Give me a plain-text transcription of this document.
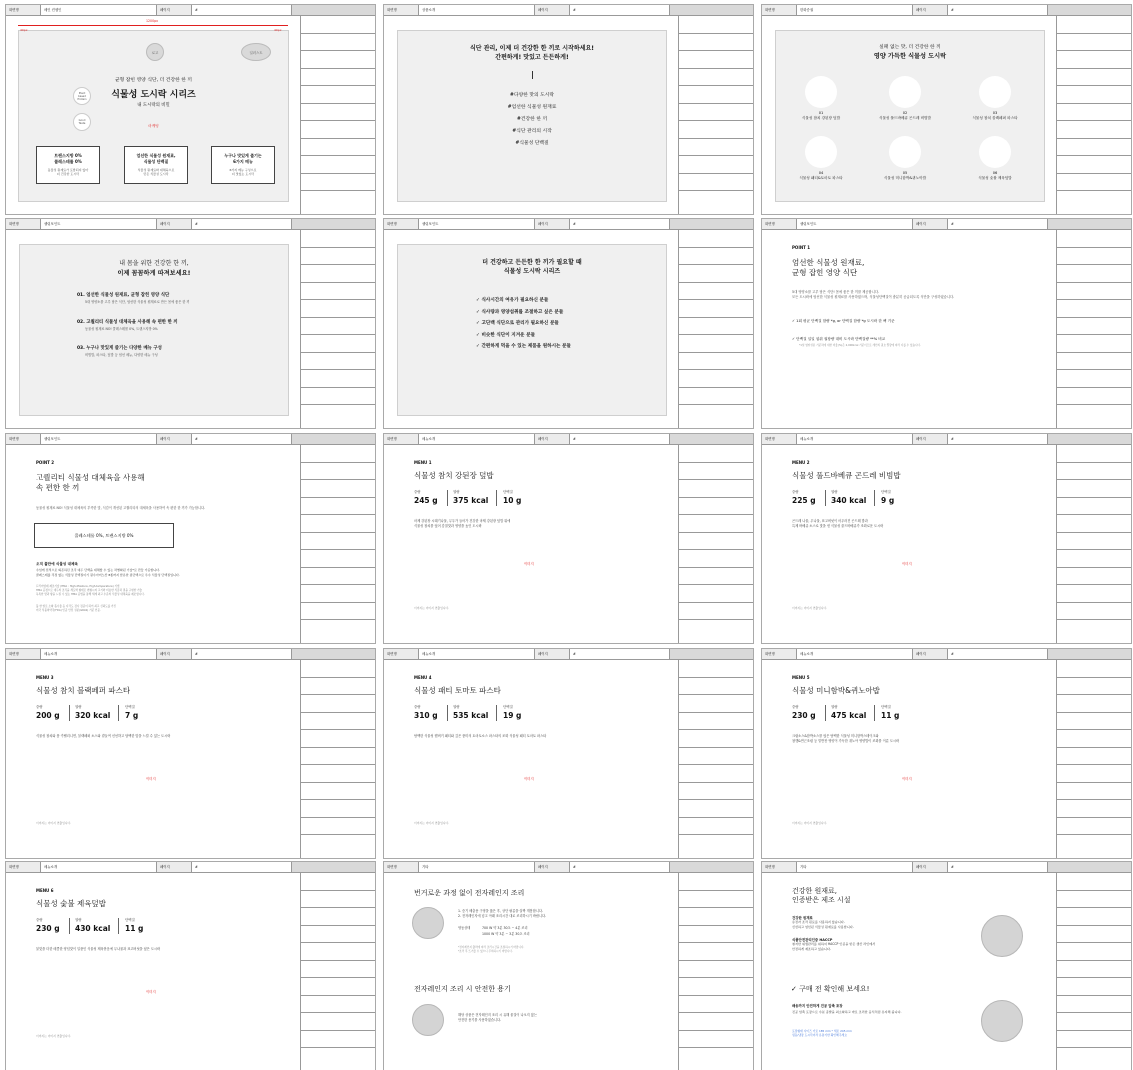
화면명	메인 컨셉인	페이지	#
로고	일러스트
Plant
based
Protein
Good
Taste
균형 잡힌 영양 식단, 더 건강한 한 끼
식물성 도시락 시리즈
내 도시락의 비밀
마케팅
트랜스지방 0%
콜레스테롤 0%
동물성 원재료가 포함되지 않아
더 건강한 도시락
엄선한 식물성 원재료,
식물성 단백질
식물성 원재료와 대체육으로
만든 식물성 도시락
누구나 맛있게 즐기는
6가지 메뉴
6가지 메뉴 구성으로
더 맛있는 도시락
1200px
40px	40px
화면명	상품소개	페이지	#
식단 관리, 이제 더 건강한 한 끼로 시작하세요!
간편하게! 맛있고 든든하게!
#다양한 맛의 도시락
#엄선한 식물성 원재료
#건강한 한 끼
#식단 관리의 시작
#식물성 단백질
화면명	한화증권	페이지	#
실패 없는 맛, 더 건강한 한 끼
영양 가득한 식물성 도시락
01
식물성 참치 강된장 덮밥
02
식물성 풀드바베큐 곤드레 비빔밥
03
식물성 참치 블랙페퍼 파스타
04
식물성 패티&토마토 파스타
05
식물성 미니함박&퀴노아밥
06
식물성 숯불 제육덮밥
화면명	셀링포인트	페이지	#
내 몸을 위한 건강한 한 끼,
이제 꼼꼼하게 따져보세요!
01. 엄선한 식물성 원재료, 균형 잡힌 영양 식단
5대 영양소를 고루 담은 식단, 엄선한 식물성 원재료로 만든 몸에 좋은 한 끼
02. 고퀄리티 식물성 대체육을 사용해 속 편한 한 끼
동물성 원재료 NO! 콜레스테롤 0%, 트랜스지방 0%
03. 누구나 맛있게 즐기는 다양한 메뉴 구성
비빔밥, 파스타, 덮밥 등 엄선 메뉴, 다양한 메뉴 구성
화면명	셀링포인트	페이지	#
더 건강하고 든든한 한 끼가 필요할 때
식물성 도시락 시리즈
✓ 식사시간의 여유가 필요하신 분들
✓ 식사량과 영양섭취를 조절하고 싶은 분들
✓ 고단백 식단으로 관리가 필요하신 분들
✓ 비슷한 식단이 지겨운 분들
✓ 간편하게 먹을 수 있는 제품을 원하시는 분들
화면명	셀링포인트	페이지	#
POINT 1
엄선한 식물성 원재료,
균형 잡힌 영양 식단
5대 영양소를 고루 담은 식단! 몸에 좋은 한 끼를 제공합니다.
모든 도시락에 엄선한 식물성 원재료를 사용하였으며, 식물성단백질이 충분히 공급되도록 식단을 구성하였습니다.
✓ 1회 평균 단백질 함량 *g, or 단백질 함량 *g 도시락 한 팩 기준
✓ 단백질 일일 섭취 권장량 대비 도시락 단백질량 **% 비교
*1일 영양성분 기준치에 대한 비율(%)은 2,000kcal 기준이므로 개인의 필요 열량에 따라 다를 수 있습니다.
화면명	셀링포인트	페이지	#
POINT 2
고퀄리티 식물성 대체육을 사용해
속 편한 한 끼
동물성 원재료 NO! 식물성 대체육의 부족한 맛, 식감이 개선된 고퀄리티의 대체육을 사용하여 속 편한 한 끼가 가능합니다.
콜레스테롤 0%, 트랜스지방 0%
오직 풀만에 식물성 대체육
수입에 전적으로 의존하던 조직 대두 단백을 대체할 수 있는 차별화된 기술*로 만들 가공합니다.
콜레스테롤 걱정 없는 식물성 단백질이기 필수아미노산 8종까지 함유한 콩단백으로 우수 식물성 단백질입니다.
프리미엄제 제조기술 (HMA : High-Moisture, High-temperature) 기법
HMA 공정으로 대두의 조직을 세포벽 형태로 변형시켜 고기와 비슷한 식감과 결을 구현한 기술
독특한 맛과 향을 느낄 수 있는 HMA 공법을 통해 세계 최고 수준의 식물성 대체육을 제조합니다.
풀 한 알로 소화 흡수율 등 다각도 검사 검증이 되어 최고 신뢰도를 가진
미국 식품의약국(FDA) 인증 안전 성분(GRAS) 기준 인증.
화면명	메뉴소개	페이지	#
MENU 1
식물성 참치 강된장 덮밥
중량
245 g
열량
375 kcal
단백질
10 g
마제 강된장 시래기나물, 무우가 들어가 건강한 마제 강된장 덮밥 위에
식물성 참치를 얹어 감칠맛과 영양을 높인 도시락
이미지
이미지는 이미지 연출입니다.
화면명	메뉴소개	페이지	#
MENU 2
식물성 풀드바베큐 곤드레 비빔밥
중량
225 g
열량
340 kcal
단백질
9 g
곤드레 나물, 무나물, 표고버섯이 어우러진 곤드레 밥과
특제 바베큐 소스로 맛을 낸 식물성 풀드바베큐가 조화로운 도시락
이미지
이미지는 이미지 연출입니다.
화면명	메뉴소개	페이지	#
MENU 3
식물성 참치 블랙페퍼 파스타
중량
200 g
열량
320 kcal
단백질
7 g
식물성 참치와 풍 카벨리니면, 블랙페퍼 소스와 곁들여 신선하고 담백한 맛을 느낄 수 있는 도시락
이미지
이미지는 이미지 연출입니다.
화면명	메뉴소개	페이지	#
MENU 4
식물성 패티 토마토 파스타
중량
310 g
열량
535 kcal
단백질
19 g
탐백한 식물성 햄버거 패티와 깊은 풍미의 토마토소스 파스타의 조화 식물성 패티 토마토 파스타
이미지
이미지는 이미지 연출입니다.
화면명	메뉴소개	페이지	#
MENU 5
식물성 미니함박&퀴노아밥
중량
230 g
열량
475 kcal
단백질
11 g
크림소스&함박소스를 얹은 탐백한 식물성 미니함박스테이크와
참깻&연근조림 등 밑반찬 영양이 가득한 퀴노아 영양밥이 조화를 이룬 도시락
이미지
이미지는 이미지 연출입니다.
화면명	메뉴소개	페이지	#
MENU 6
식물성 숯불 제육덮밥
중량
230 g
열량
430 kcal
단백질
11 g
불맛을 더한 매콤한 양념맛이 일품인 식물성 제육볶음에 무나물과 표고버섯을 얹은 도시락
이미지
이미지는 이미지 연출입니다.
화면명	기타	페이지	#
번거로운 과정 없이 전자레인지 조리
1. 증기 배출용 구멍을 뚫은 후, 상단 필름을 살짝 개봉합니다.
2. 전자레인지에 넣고 아래 조리시간 대로 조리하시기 바랍니다.
냉동상태	700 W 약 3분 30초 ~ 4분 조리
1000 W 약 3분 ~ 3분 30초 조리
*전자레인지 출력에 따라 조리시간을 조절하시기 바랍니다.
*조리 후 뜨거울 수 있으니 주의하시기 바랍니다.
전자레인지 조리 시 안전한 용기
해당 상품은 전자레인지 조리 시 유해 물질이 나오지 않는
안전한 용기를 사용하였습니다.
화면명	기타	페이지	#
건강한 원재료,
인증받은 제조 시설
건강한 원재료
유전자 조작 원료를 사용하지 않습니다.
신선하고 엄선된 식물성 원재료를 사용합니다.
식품안전관리인증 HACCP
철저한 위생관리를 위하여 HACCP 인증을 받은 생산 라인에서
안전하게 제조하고 있습니다.
✓ 구매 전 확인해 보세요!
배송까지 안전하게 진공 압축 포장
진공 압축 포장으로 수분 증발을 최소화하고 바로 조리한 음식처럼 유지해 줍니다.
포장형태 사이즈 가로 185 mm * 세로 245 mm
냉동/냉장 도시락이라 유통기한 확인해주세요
